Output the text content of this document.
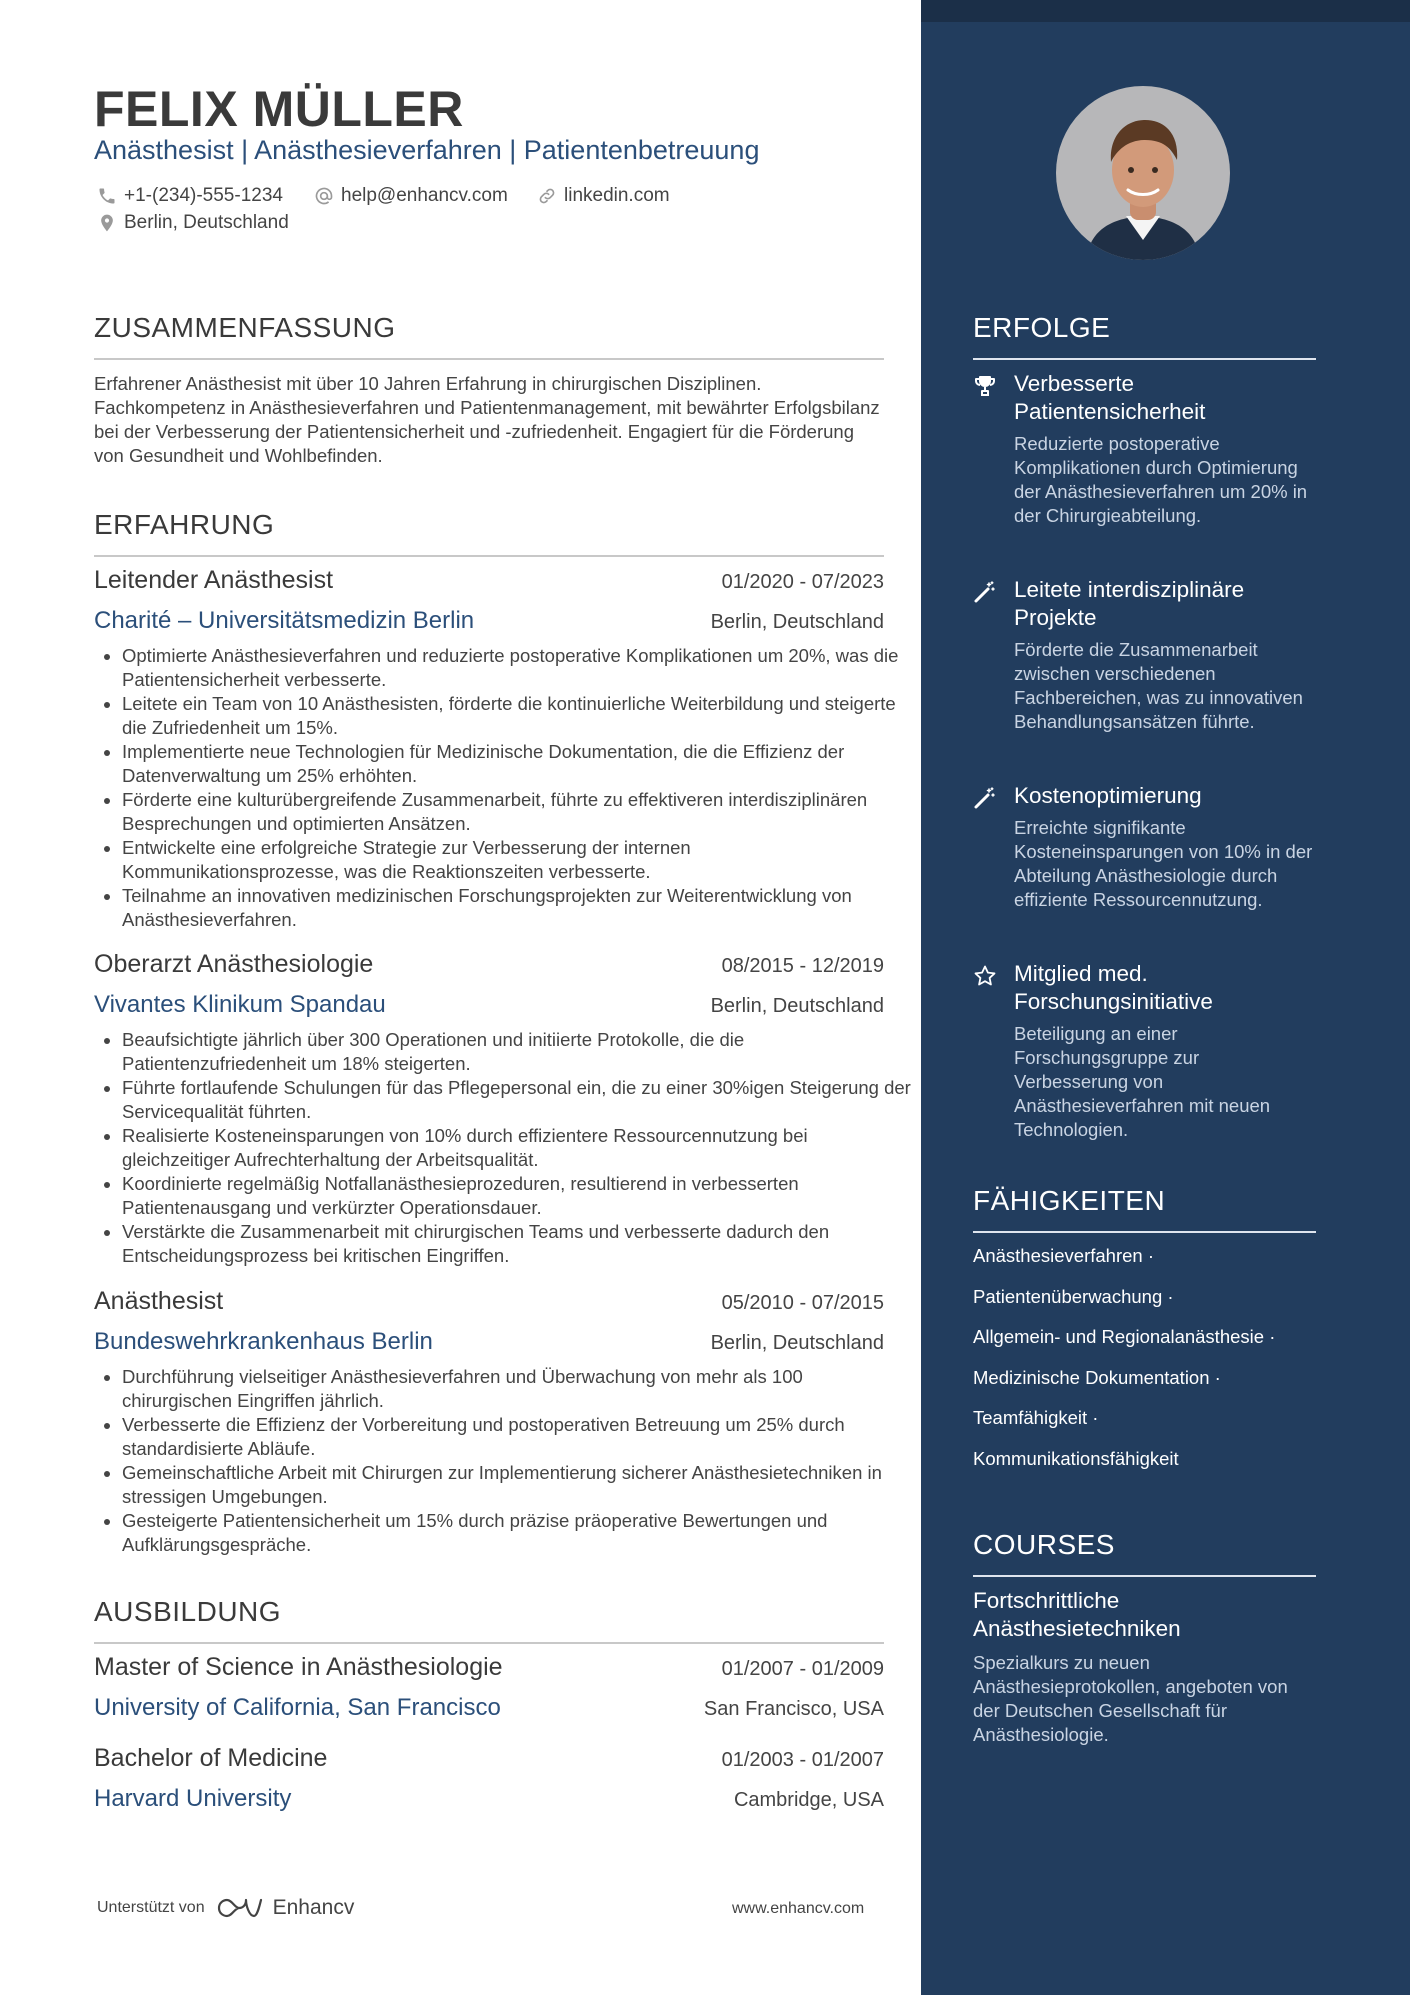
FELIX MÜLLER
Anästhesist | Anästhesieverfahren | Patientenbetreuung
+1-(234)-555-1234	help@enhancv.com	linkedin.com
Berlin, Deutschland
ZUSAMMENFASSUNG
Erfahrener Anästhesist mit über 10 Jahren Erfahrung in chirurgischen Disziplinen. Fachkompetenz in Anästhesieverfahren und Patientenmanagement, mit bewährter Erfolgsbilanz bei der Verbesserung der Patientensicherheit und -zufriedenheit. Engagiert für die Förderung von Gesundheit und Wohlbefinden.
ERFAHRUNG
Leitender Anästhesist	01/2020 - 07/2023
Charité – Universitätsmedizin Berlin	Berlin, Deutschland
• Optimierte Anästhesieverfahren und reduzierte postoperative Komplikationen um 20%, was die Patientensicherheit verbesserte.
• Leitete ein Team von 10 Anästhesisten, förderte die kontinuierliche Weiterbildung und steigerte die Zufriedenheit um 15%.
• Implementierte neue Technologien für Medizinische Dokumentation, die die Effizienz der Datenverwaltung um 25% erhöhten.
• Förderte eine kulturübergreifende Zusammenarbeit, führte zu effektiveren interdisziplinären Besprechungen und optimierten Ansätzen.
• Entwickelte eine erfolgreiche Strategie zur Verbesserung der internen Kommunikationsprozesse, was die Reaktionszeiten verbesserte.
• Teilnahme an innovativen medizinischen Forschungsprojekten zur Weiterentwicklung von Anästhesieverfahren.
Oberarzt Anästhesiologie	08/2015 - 12/2019
Vivantes Klinikum Spandau	Berlin, Deutschland
• Beaufsichtigte jährlich über 300 Operationen und initiierte Protokolle, die die Patientenzufriedenheit um 18% steigerten.
• Führte fortlaufende Schulungen für das Pflegepersonal ein, die zu einer 30%igen Steigerung der Servicequalität führten.
• Realisierte Kosteneinsparungen von 10% durch effizientere Ressourcennutzung bei gleichzeitiger Aufrechterhaltung der Arbeitsqualität.
• Koordinierte regelmäßig Notfallanästhesieprozeduren, resultierend in verbesserten Patientenausgang und verkürzter Operationsdauer.
• Verstärkte die Zusammenarbeit mit chirurgischen Teams und verbesserte dadurch den Entscheidungsprozess bei kritischen Eingriffen.
Anästhesist	05/2010 - 07/2015
Bundeswehrkrankenhaus Berlin	Berlin, Deutschland
• Durchführung vielseitiger Anästhesieverfahren und Überwachung von mehr als 100 chirurgischen Eingriffen jährlich.
• Verbesserte die Effizienz der Vorbereitung und postoperativen Betreuung um 25% durch standardisierte Abläufe.
• Gemeinschaftliche Arbeit mit Chirurgen zur Implementierung sicherer Anästhesietechniken in stressigen Umgebungen.
• Gesteigerte Patientensicherheit um 15% durch präzise präoperative Bewertungen und Aufklärungsgespräche.
AUSBILDUNG
Master of Science in Anästhesiologie	01/2007 - 01/2009
University of California, San Francisco	San Francisco, USA
Bachelor of Medicine	01/2003 - 01/2007
Harvard University	Cambridge, USA
Unterstützt von	Enhancv	www.enhancv.com
ERFOLGE
Verbesserte Patientensicherheit
Reduzierte postoperative Komplikationen durch Optimierung der Anästhesieverfahren um 20% in der Chirurgieabteilung.
Leitete interdisziplinäre Projekte
Förderte die Zusammenarbeit zwischen verschiedenen Fachbereichen, was zu innovativen Behandlungsansätzen führte.
Kostenoptimierung
Erreichte signifikante Kosteneinsparungen von 10% in der Abteilung Anästhesiologie durch effiziente Ressourcennutzung.
Mitglied med. Forschungsinitiative
Beteiligung an einer Forschungsgruppe zur Verbesserung von Anästhesieverfahren mit neuen Technologien.
FÄHIGKEITEN
Anästhesieverfahren ·
Patientenüberwachung ·
Allgemein- und Regionalanästhesie ·
Medizinische Dokumentation ·
Teamfähigkeit ·
Kommunikationsfähigkeit
COURSES
Fortschrittliche Anästhesietechniken
Spezialkurs zu neuen Anästhesieprotokollen, angeboten von der Deutschen Gesellschaft für Anästhesiologie.
